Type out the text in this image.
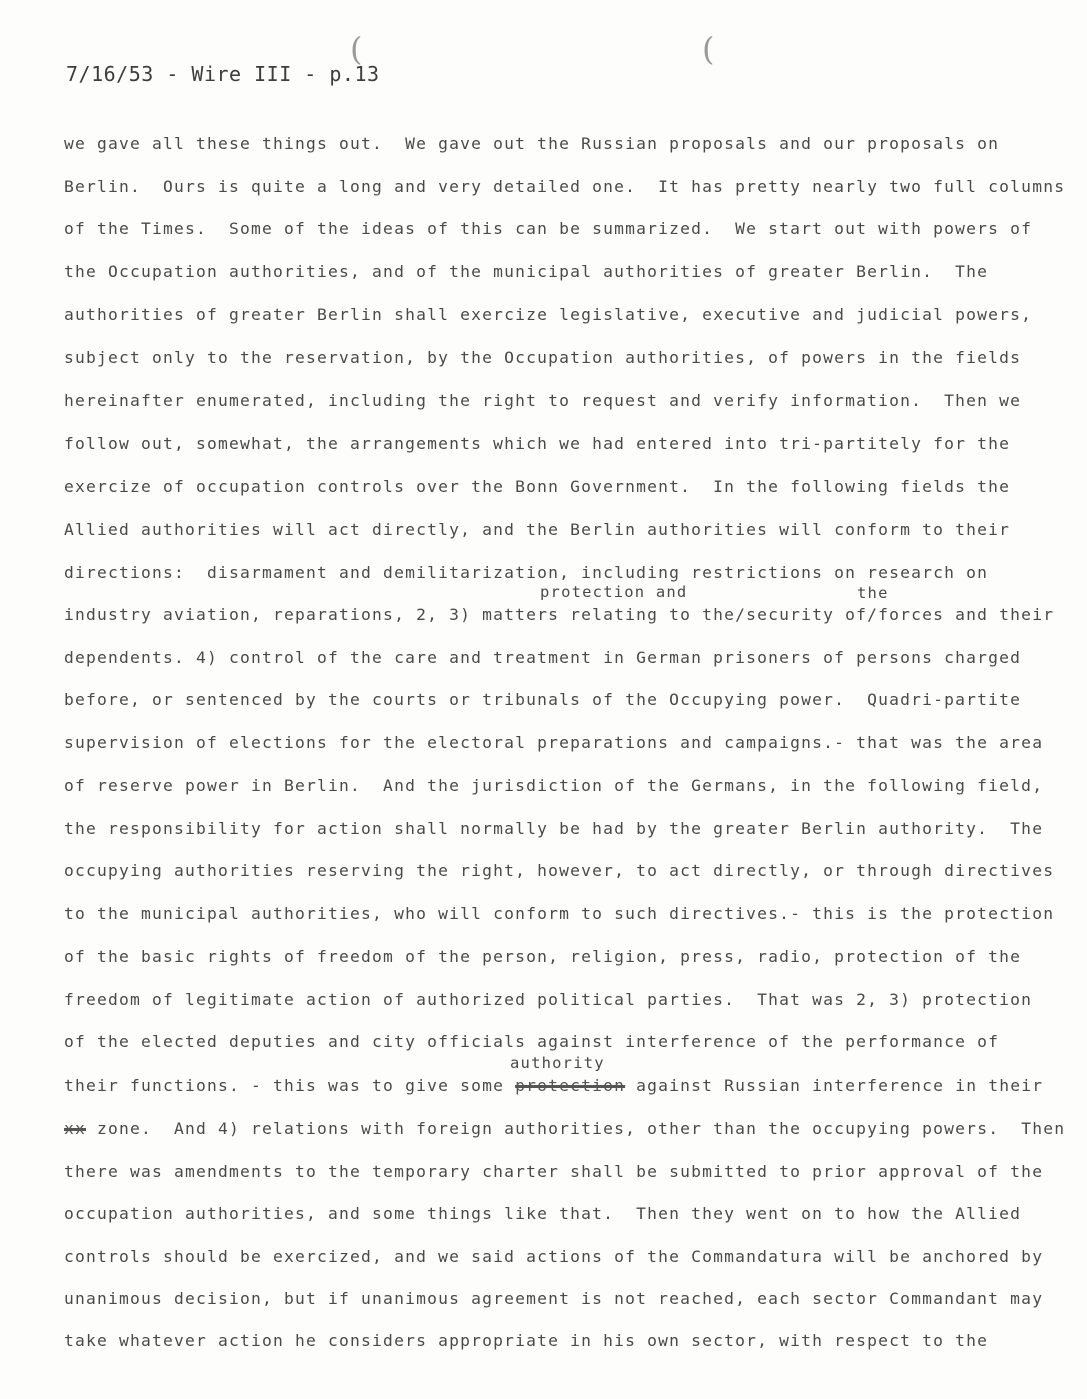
(	(
7/16/53 - Wire III - p.13
we gave all these things out.  We gave out the Russian proposals and our proposals on
Berlin.  Ours is quite a long and very detailed one.  It has pretty nearly two full columns
of the Times.  Some of the ideas of this can be summarized.  We start out with powers of
the Occupation authorities, and of the municipal authorities of greater Berlin.  The
authorities of greater Berlin shall exercize legislative, executive and judicial powers,
subject only to the reservation, by the Occupation authorities, of powers in the fields
hereinafter enumerated, including the right to request and verify information.  Then we
follow out, somewhat, the arrangements which we had entered into tri-partitely for the
exercize of occupation controls over the Bonn Government.  In the following fields the
Allied authorities will act directly, and the Berlin authorities will conform to their
directions:  disarmament and demilitarization, including restrictions on research on
protection and	the
industry aviation, reparations, 2, 3) matters relating to the/security of/forces and their
dependents. 4) control of the care and treatment in German prisoners of persons charged
before, or sentenced by the courts or tribunals of the Occupying power.  Quadri-partite
supervision of elections for the electoral preparations and campaigns.- that was the area
of reserve power in Berlin.  And the jurisdiction of the Germans, in the following field,
the responsibility for action shall normally be had by the greater Berlin authority.  The
occupying authorities reserving the right, however, to act directly, or through directives
to the municipal authorities, who will conform to such directives.- this is the protection
of the basic rights of freedom of the person, religion, press, radio, protection of the
freedom of legitimate action of authorized political parties.  That was 2, 3) protection
of the elected deputies and city officials against interference of the performance of
authority
their functions. - this was to give some protection against Russian interference in their
xx zone.  And 4) relations with foreign authorities, other than the occupying powers.  Then
there was amendments to the temporary charter shall be submitted to prior approval of the
occupation authorities, and some things like that.  Then they went on to how the Allied
controls should be exercized, and we said actions of the Commandatura will be anchored by
unanimous decision, but if unanimous agreement is not reached, each sector Commandant may
take whatever action he considers appropriate in his own sector, with respect to the
